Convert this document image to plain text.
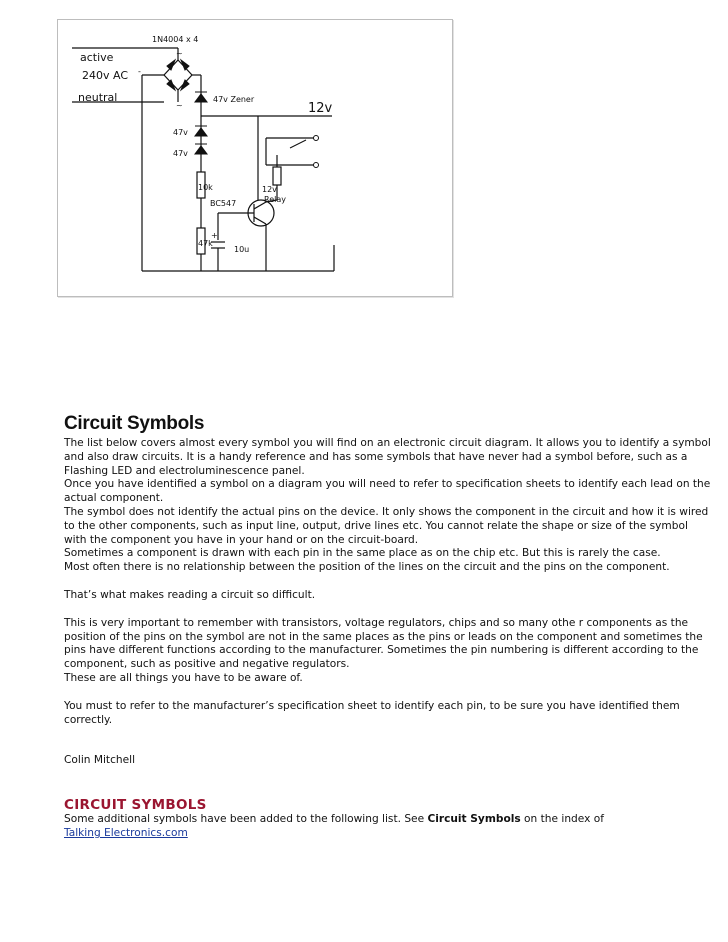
1N4004 x 4
active
240v AC
neutral
~
~
-
47v Zener
12v
47v
47v
10k
47k
12v
Relay
BC547
+
10u
Circuit Symbols

The list below covers almost every symbol you will find on an electronic circuit diagram. It allows you to identify a symbol and also draw circuits. It is a handy reference and has some symbols that have never had a symbol before, such as a Flashing LED and electroluminescence panel.

Once you have identified a symbol on a diagram you will need to refer to specification sheets to identify each lead on the actual component.

The symbol does not identify the actual pins on the device. It only shows the component in the circuit and how it is wired to the other components, such as input line, output, drive lines etc. You cannot relate the shape or size of the symbol with the component you have in your hand or on the circuit-board.

Sometimes a component is drawn with each pin in the same place as on the chip etc. But this is rarely the case.

Most often there is no relationship between the position of the lines on the circuit and the pins on the component.

That’s what makes reading a circuit so difficult.

This is very important to remember with transistors, voltage regulators, chips and so many othe r components as the position of the pins on the symbol are not in the same places as the pins or leads on the component and sometimes the pins have different functions according to the manufacturer. Sometimes the pin numbering is different according to the component, such as positive and negative regulators.

These are all things you have to be aware of.

You must to refer to the manufacturer’s specification sheet to identify each pin, to be sure you have identified them correctly.

Colin Mitchell

CIRCUIT SYMBOLS

Some additional symbols have been added to the following list. See Circuit Symbols on the index of
Talking Electronics.com
